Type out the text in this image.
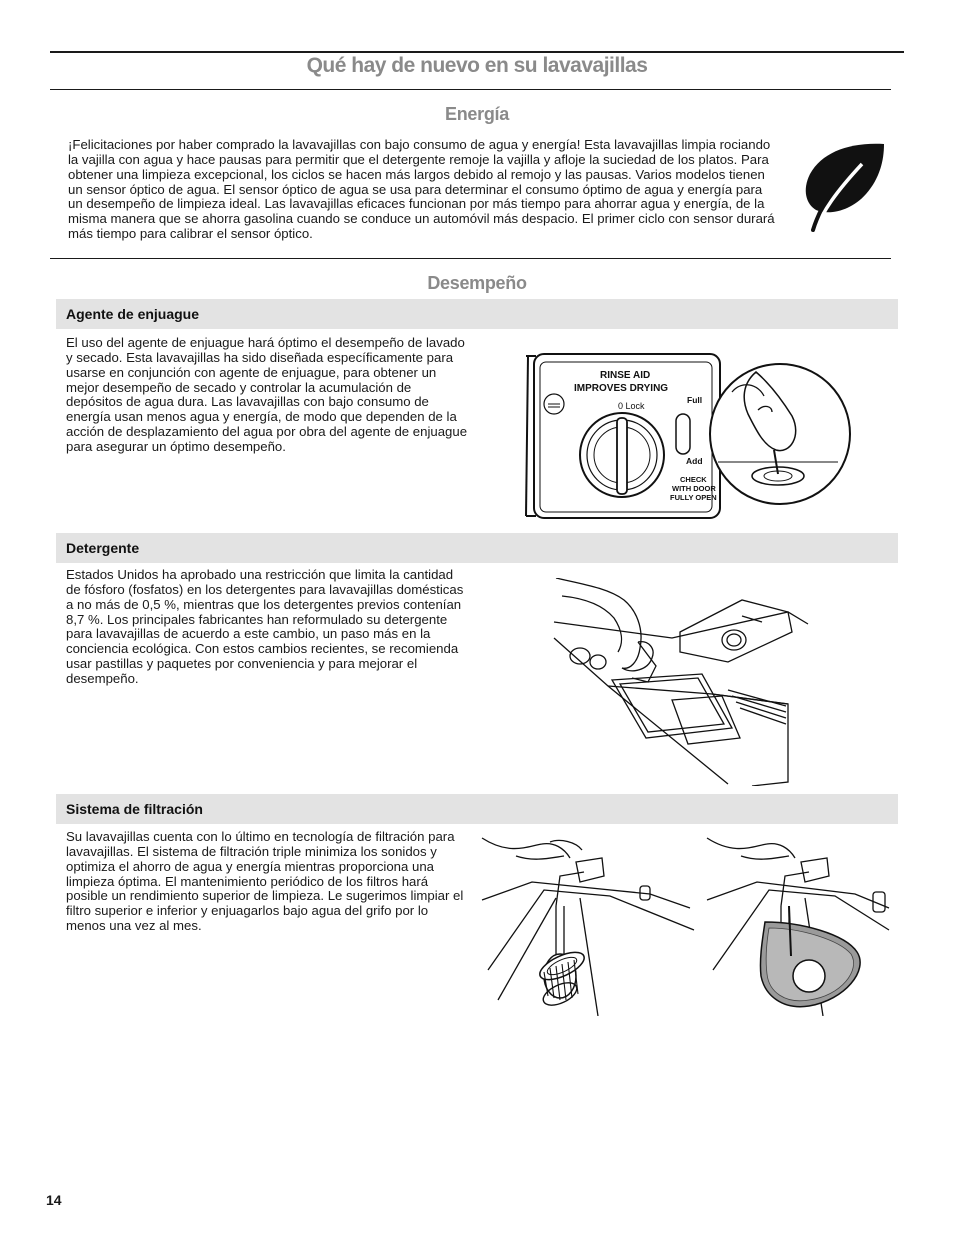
Qué hay de nuevo en su lavavajillas
Energía

¡Felicitaciones por haber comprado la lavavajillas con bajo consumo de agua y energía! Esta lavavajillas limpia rociando la vajilla con agua y hace pausas para permitir que el detergente remoje la vajilla y afloje la suciedad de los platos. Para obtener una limpieza excepcional, los ciclos se hacen más largos debido al remojo y las pausas. Varios modelos tienen un sensor óptico de agua. El sensor óptico de agua se usa para determinar el consumo óptimo de agua y energía para un desempeño de limpieza ideal. Las lavavajillas eficaces funcionan por más tiempo para ahorrar agua y energía, de la misma manera que se ahorra gasolina cuando se conduce un automóvil más despacio. El primer ciclo con sensor durará más tiempo para calibrar el sensor óptico.

Desempeño
Agente de enjuague

El uso del agente de enjuague hará óptimo el desempeño de lavado y secado. Esta lavavajillas ha sido diseñada específicamente para usarse en conjunción con agente de enjuague, para obtener un mejor desempeño de secado y controlar la acumulación de depósitos de agua dura. Las lavavajillas con bajo consumo de energía usan menos agua y energía, de modo que dependen de la acción de desplazamiento del agua por obra del agente de enjuague para asegurar un óptimo desempeño.

RINSE AID
IMPROVES DRYING
0 Lock
Full
Add
CHECK
WITH DOOR
FULLY OPEN
Detergente

Estados Unidos ha aprobado una restricción que limita la cantidad de fósforo (fosfatos) en los detergentes para lavavajillas domésticas a no más de 0,5 %, mientras que los detergentes previos contenían 8,7 %. Los principales fabricantes han reformulado su detergente para lavavajillas de acuerdo a este cambio, un paso más en la conciencia ecológica. Con estos cambios recientes, se recomienda usar pastillas y paquetes por conveniencia y para mejorar el desempeño.

Sistema de filtración

Su lavavajillas cuenta con lo último en tecnología de filtración para lavavajillas. El sistema de filtración triple minimiza los sonidos y optimiza el ahorro de agua y energía mientras proporciona una limpieza óptima. El mantenimiento periódico de los filtros hará posible un rendimiento superior de limpieza. Le sugerimos limpiar el filtro superior e inferior y enjuagarlos bajo agua del grifo por lo menos una vez al mes.

14
